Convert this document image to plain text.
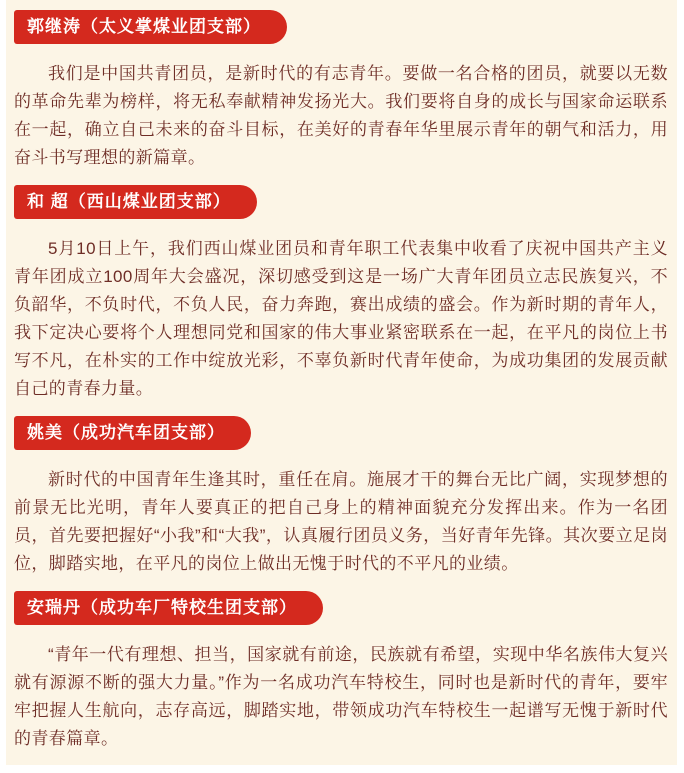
郭继涛（太义掌煤业团支部）

我们是中国共青团员，是新时代的有志青年。要做一名合格的团员，就要以无数的革命先辈为榜样，将无私奉献精神发扬光大。我们要将自身的成长与国家命运联系在一起，确立自己未来的奋斗目标，在美好的青春年华里展示青年的朝气和活力，用奋斗书写理想的新篇章。

和 超（西山煤业团支部）

5月10日上午，我们西山煤业团员和青年职工代表集中收看了庆祝中国共产主义青年团成立100周年大会盛况，深切感受到这是一场广大青年团员立志民族复兴，不负韶华，不负时代，不负人民，奋力奔跑，赛出成绩的盛会。作为新时期的青年人，我下定决心要将个人理想同党和国家的伟大事业紧密联系在一起，在平凡的岗位上书写不凡，在朴实的工作中绽放光彩，不辜负新时代青年使命，为成功集团的发展贡献自己的青春力量。

姚美（成功汽车团支部）

新时代的中国青年生逢其时，重任在肩。施展才干的舞台无比广阔，实现梦想的前景无比光明，青年人要真正的把自己身上的精神面貌充分发挥出来。作为一名团员，首先要把握好“小我”和“大我”，认真履行团员义务，当好青年先锋。其次要立足岗位，脚踏实地，在平凡的岗位上做出无愧于时代的不平凡的业绩。

安瑞丹（成功车厂特校生团支部）

“青年一代有理想、担当，国家就有前途，民族就有希望，实现中华名族伟大复兴就有源源不断的强大力量。”作为一名成功汽车特校生，同时也是新时代的青年，要牢牢把握人生航向，志存高远，脚踏实地，带领成功汽车特校生一起谱写无愧于新时代的青春篇章。
